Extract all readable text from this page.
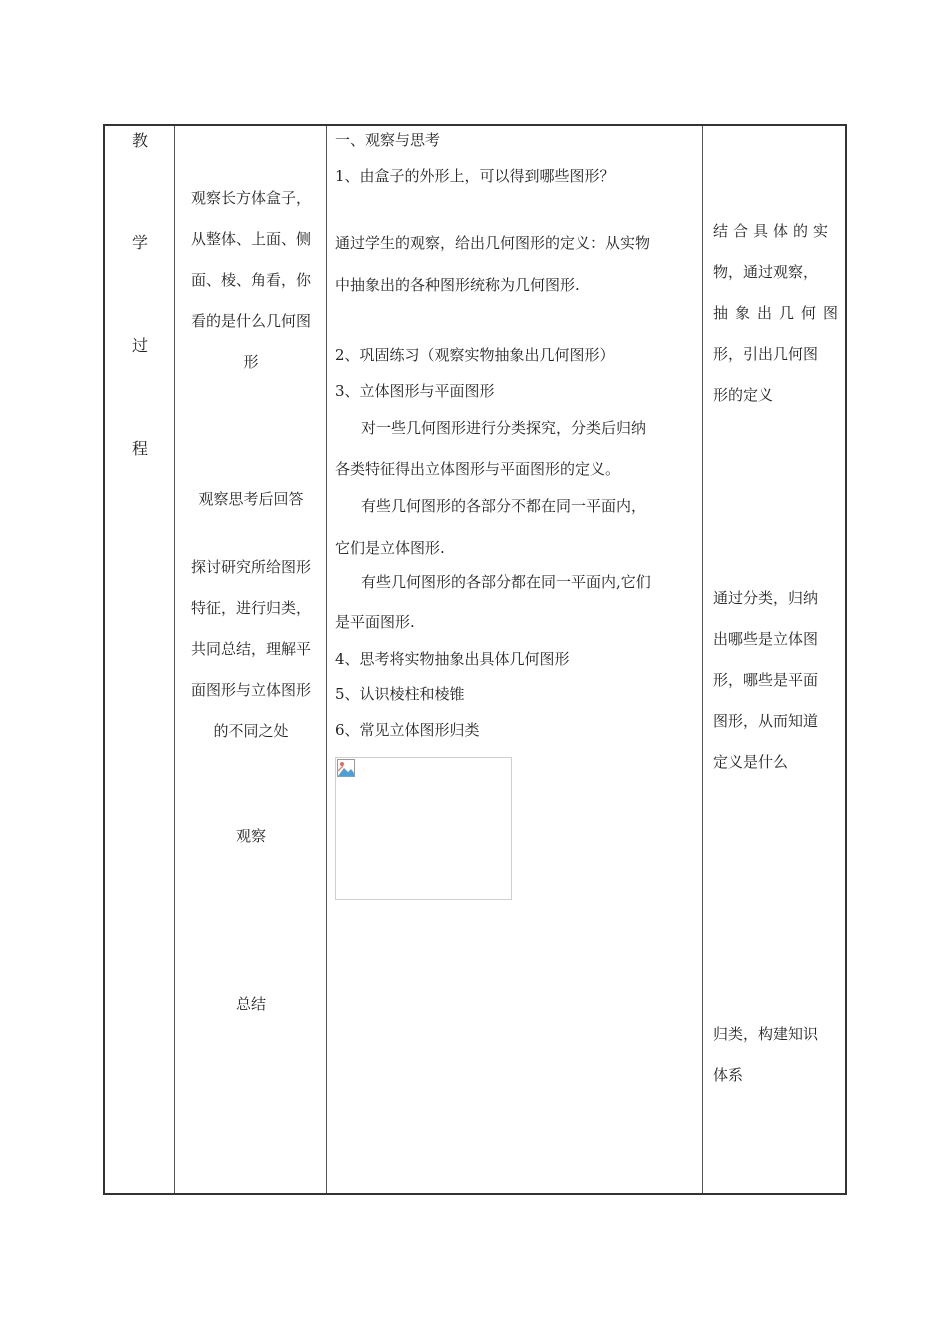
教
学
过
程
观察长方体盒子，
从整体、上面、侧
面、棱、角看，你
看的是什么几何图
形
观察思考后回答
探讨研究所给图形
特征，进行归类，
共同总结，理解平
面图形与立体图形
的不同之处
观察
总结
一、观察与思考
1、由盒子的外形上，可以得到哪些图形？
通过学生的观察，给出几何图形的定义：从实物
中抽象出的各种图形统称为几何图形.
2、巩固练习（观察实物抽象出几何图形）
3、立体图形与平面图形
对一些几何图形进行分类探究，分类后归纳
各类特征得出立体图形与平面图形的定义。
有些几何图形的各部分不都在同一平面内，
它们是立体图形.
有些几何图形的各部分都在同一平面内,它们
是平面图形.
4、思考将实物抽象出具体几何图形
5、认识棱柱和棱锥
6、常见立体图形归类
结合具体的实
物，通过观察，
抽象出几何图
形，引出几何图
形的定义
通过分类，归纳
出哪些是立体图
形，哪些是平面
图形，从而知道
定义是什么
归类，构建知识
体系
